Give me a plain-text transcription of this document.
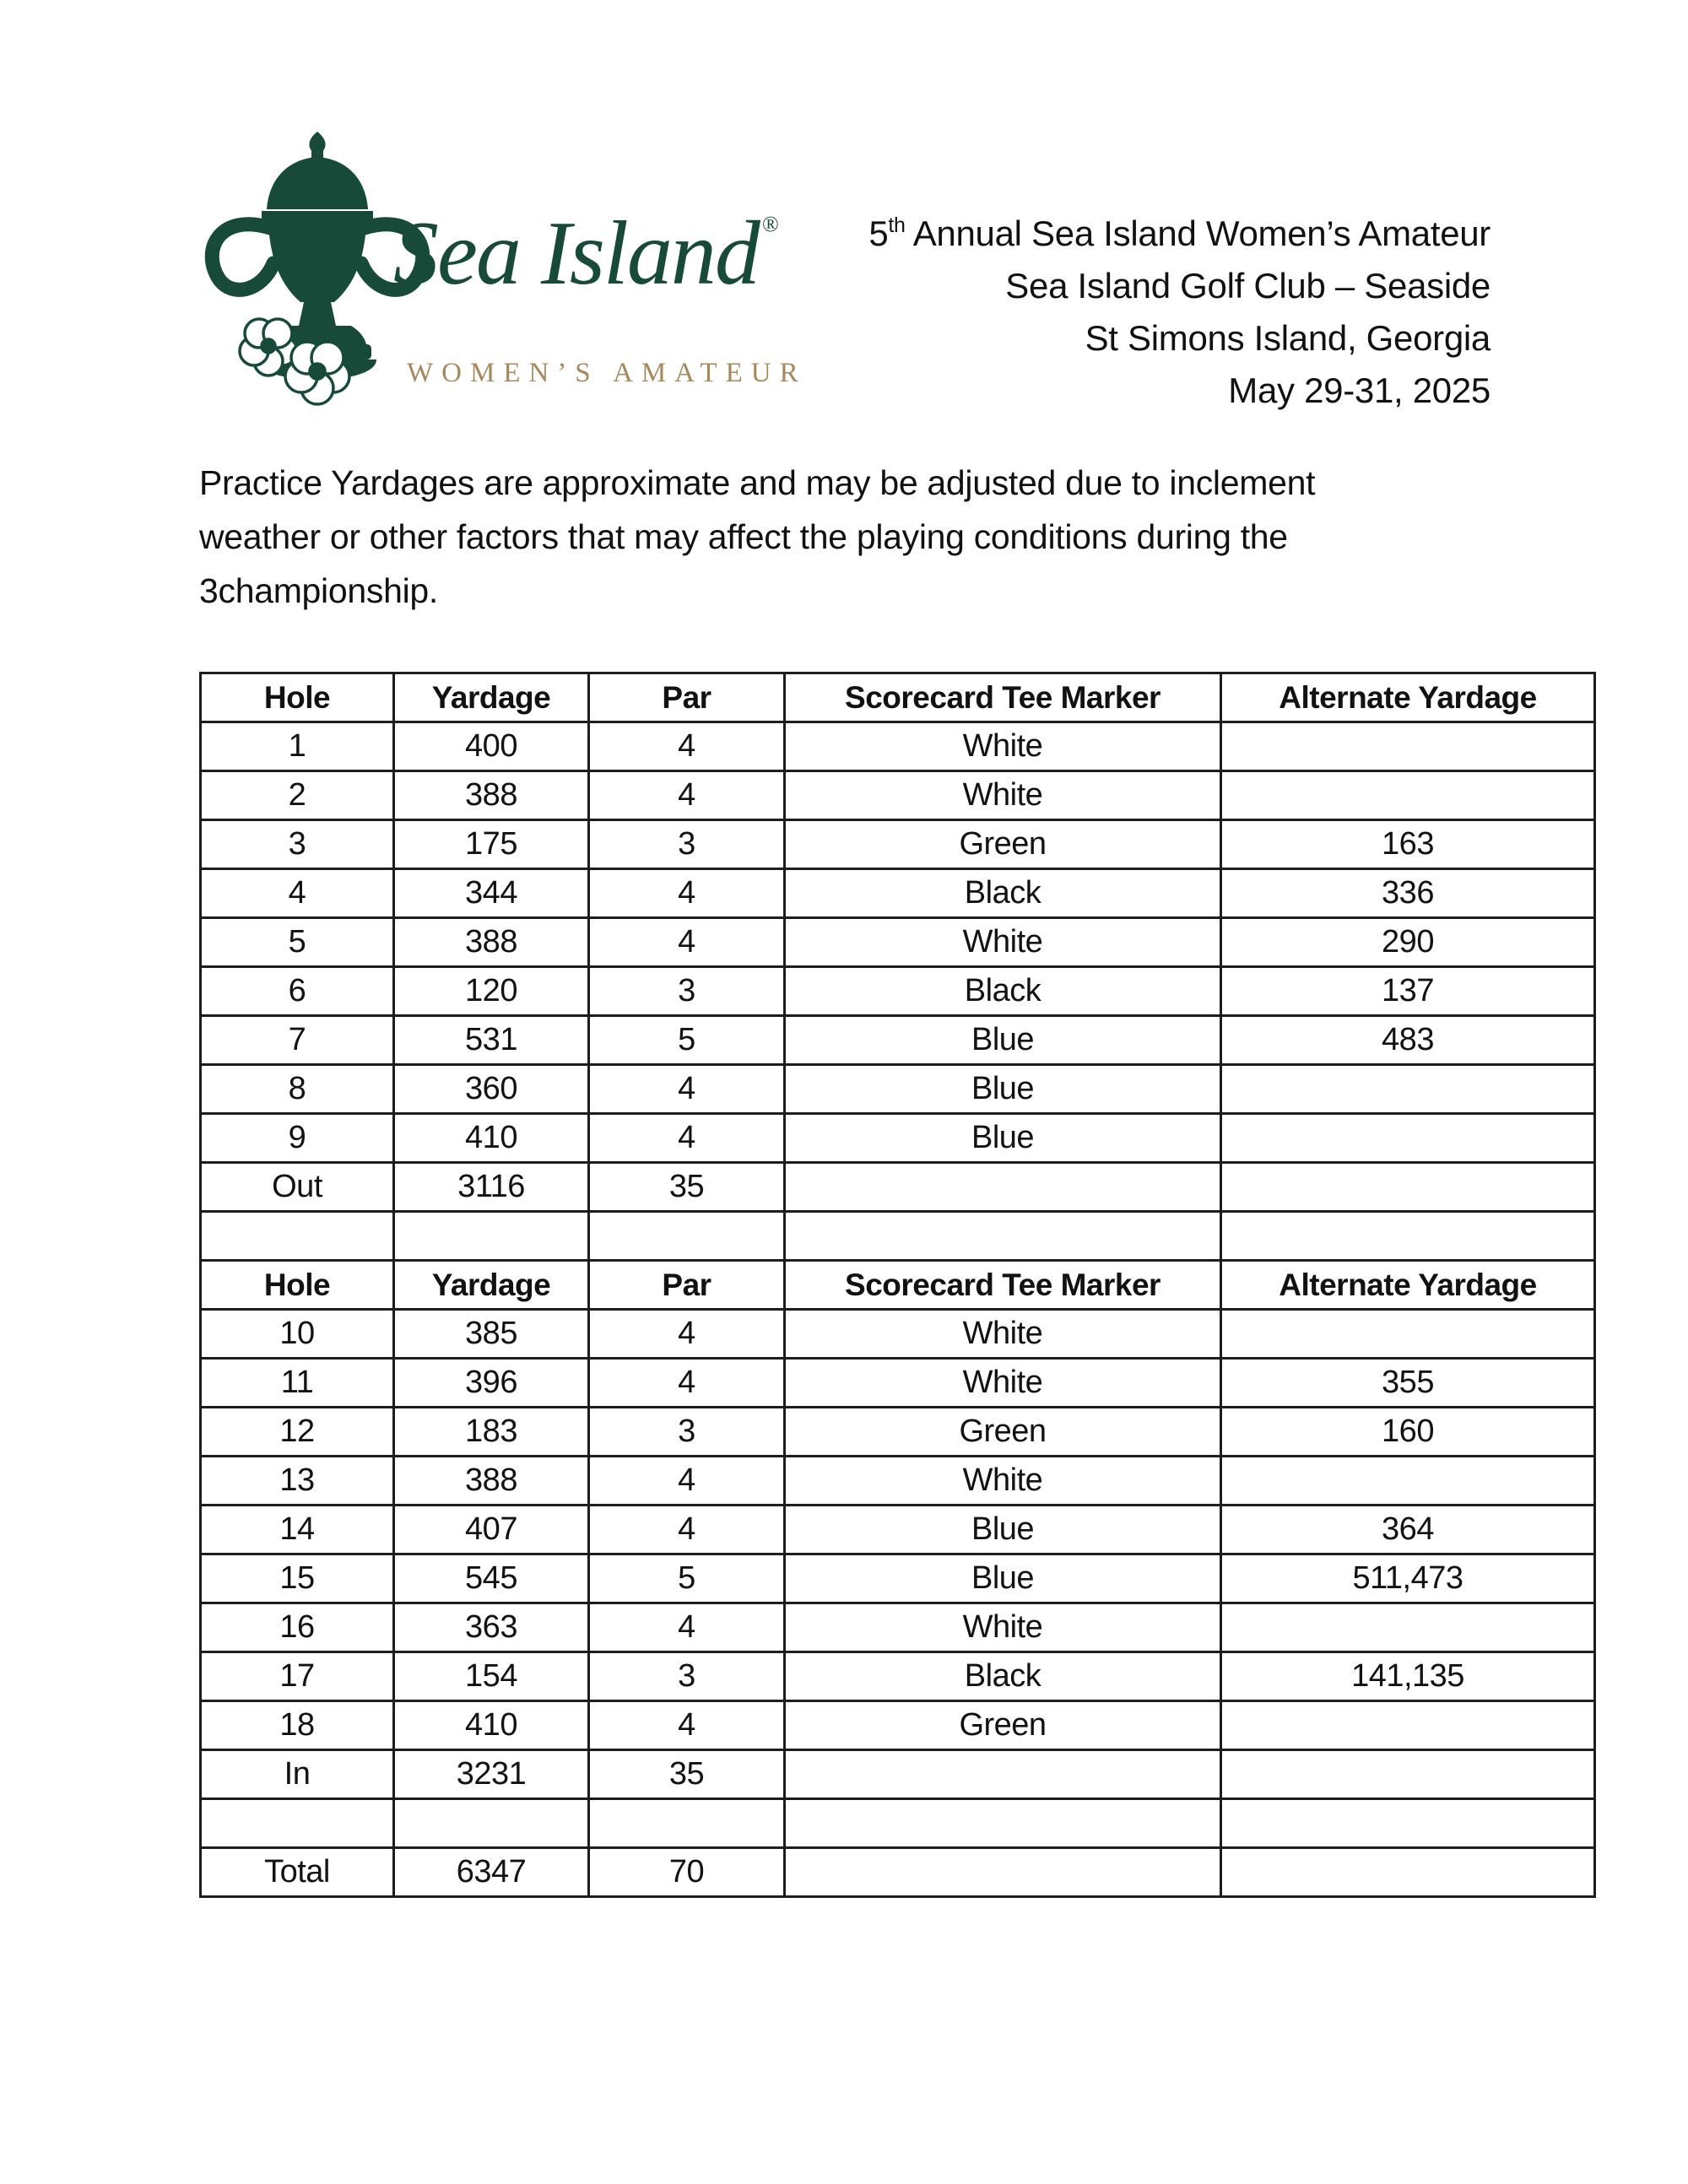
Sea Island ®
WOMEN’S AMATEUR
5th Annual Sea Island Women’s Amateur
Sea Island Golf Club – Seaside
St Simons Island, Georgia
May 29-31, 2025
Practice Yardages are approximate and may be adjusted due to inclement
weather or other factors that may affect the playing conditions during the
3championship.
Hole	Yardage	Par	Scorecard Tee Marker	Alternate Yardage
1	400	4	White	
2	388	4	White	
3	175	3	Green	163
4	344	4	Black	336
5	388	4	White	290
6	120	3	Black	137
7	531	5	Blue	483
8	360	4	Blue	
9	410	4	Blue	
Out	3116	35		

Hole	Yardage	Par	Scorecard Tee Marker	Alternate Yardage
10	385	4	White	
11	396	4	White	355
12	183	3	Green	160
13	388	4	White	
14	407	4	Blue	364
15	545	5	Blue	511,473
16	363	4	White	
17	154	3	Black	141,135
18	410	4	Green	
In	3231	35		

Total	6347	70		
